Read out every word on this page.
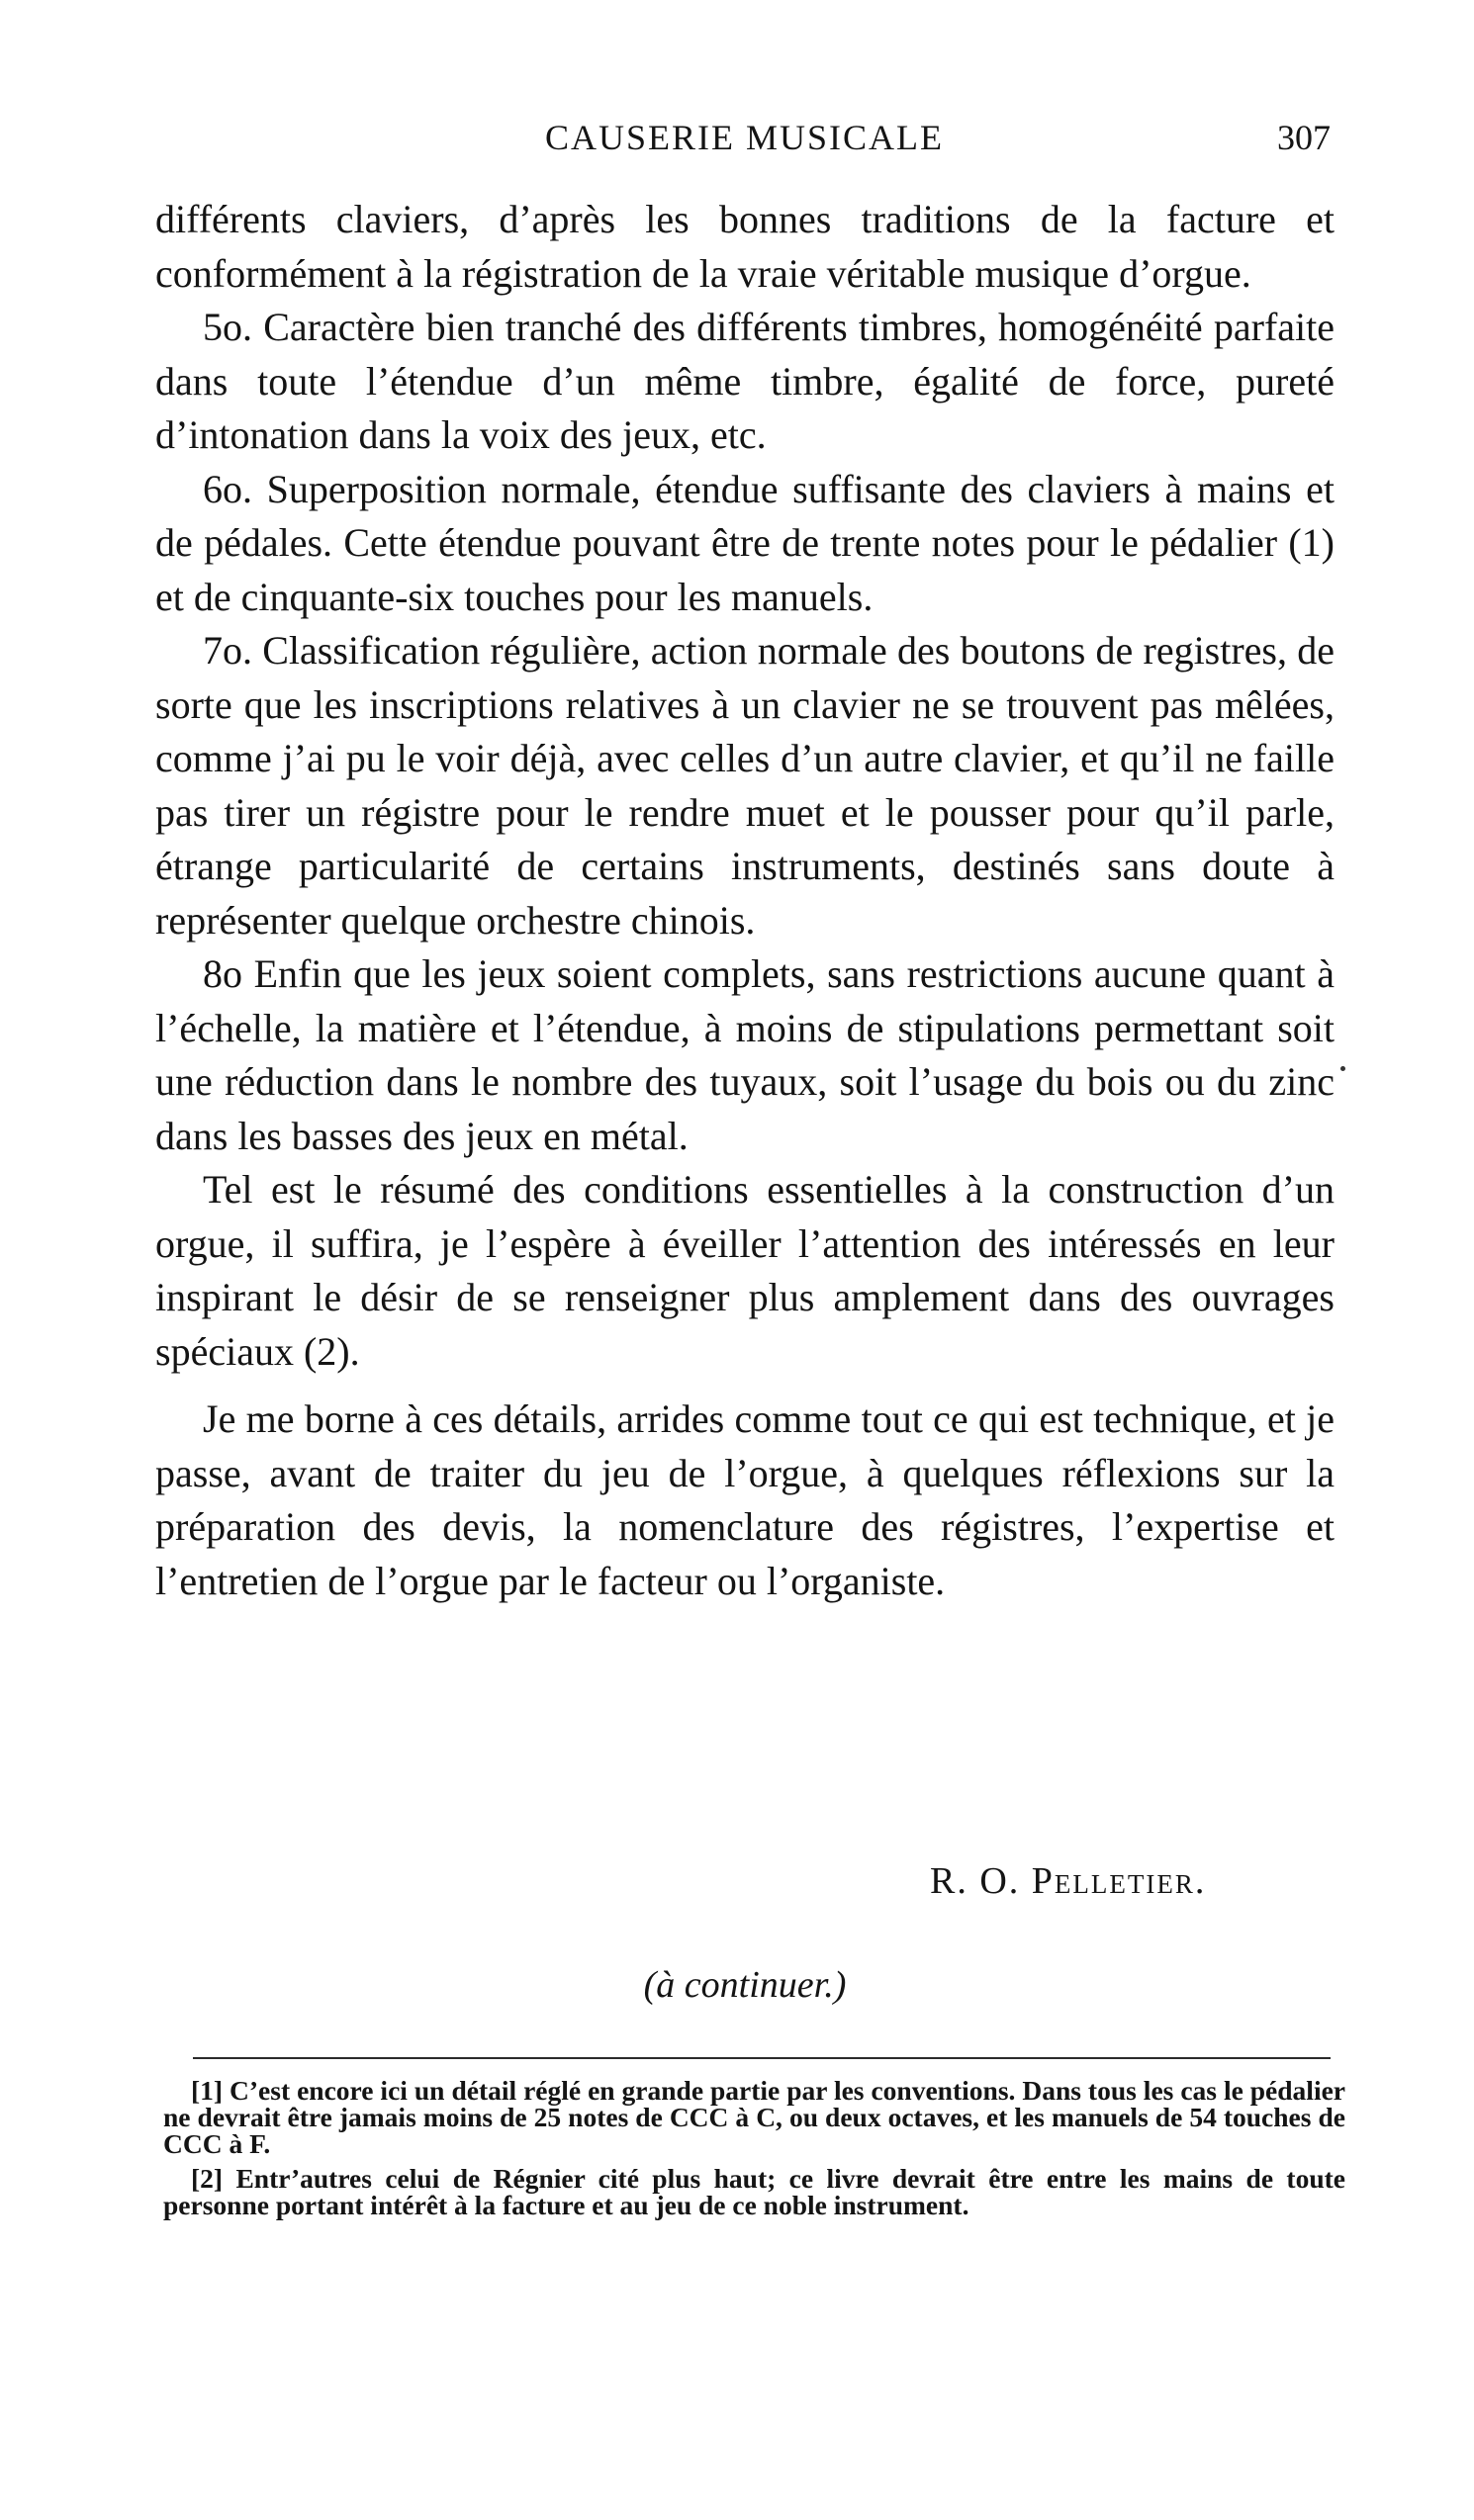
CAUSERIE MUSICALE	307

différents claviers, d’après les bonnes traditions de la facture et conformément à la régistration de la vraie véritable musique d’orgue.

5o. Caractère bien tranché des différents timbres, homogénéité parfaite dans toute l’étendue d’un même timbre, égalité de force, pureté d’intonation dans la voix des jeux, etc.

6o. Superposition normale, étendue suffisante des claviers à mains et de pédales. Cette étendue pouvant être de trente notes pour le pédalier (1) et de cinquante-six touches pour les manuels.

7o. Classification régulière, action normale des boutons de registres, de sorte que les inscriptions relatives à un clavier ne se trouvent pas mêlées, comme j’ai pu le voir déjà, avec celles d’un autre clavier, et qu’il ne faille pas tirer un régistre pour le rendre muet et le pousser pour qu’il parle, étrange particularité de certains instruments, destinés sans doute à représenter quelque orchestre chinois.

8o Enfin que les jeux soient complets, sans restrictions aucune quant à l’échelle, la matière et l’étendue, à moins de stipulations permettant soit une réduction dans le nombre des tuyaux, soit l’usage du bois ou du zinc dans les basses des jeux en métal.

Tel est le résumé des conditions essentielles à la construction d’un orgue, il suffira, je l’espère à éveiller l’attention des intéressés en leur inspirant le désir de se renseigner plus amplement dans des ouvrages spéciaux (2).

Je me borne à ces détails, arrides comme tout ce qui est technique, et je passe, avant de traiter du jeu de l’orgue, à quelques réflexions sur la préparation des devis, la nomenclature des régistres, l’expertise et l’entretien de l’orgue par le facteur ou l’organiste.

R. O. Pelletier.
(à continuer.)

[1] C’est encore ici un détail réglé en grande partie par les conventions. Dans tous les cas le pédalier ne devrait être jamais moins de 25 notes de CCC à C, ou deux octaves, et les manuels de 54 touches de CCC à F.

[2] Entr’autres celui de Régnier cité plus haut; ce livre devrait être entre les mains de toute personne portant intérêt à la facture et au jeu de ce noble instrument.
